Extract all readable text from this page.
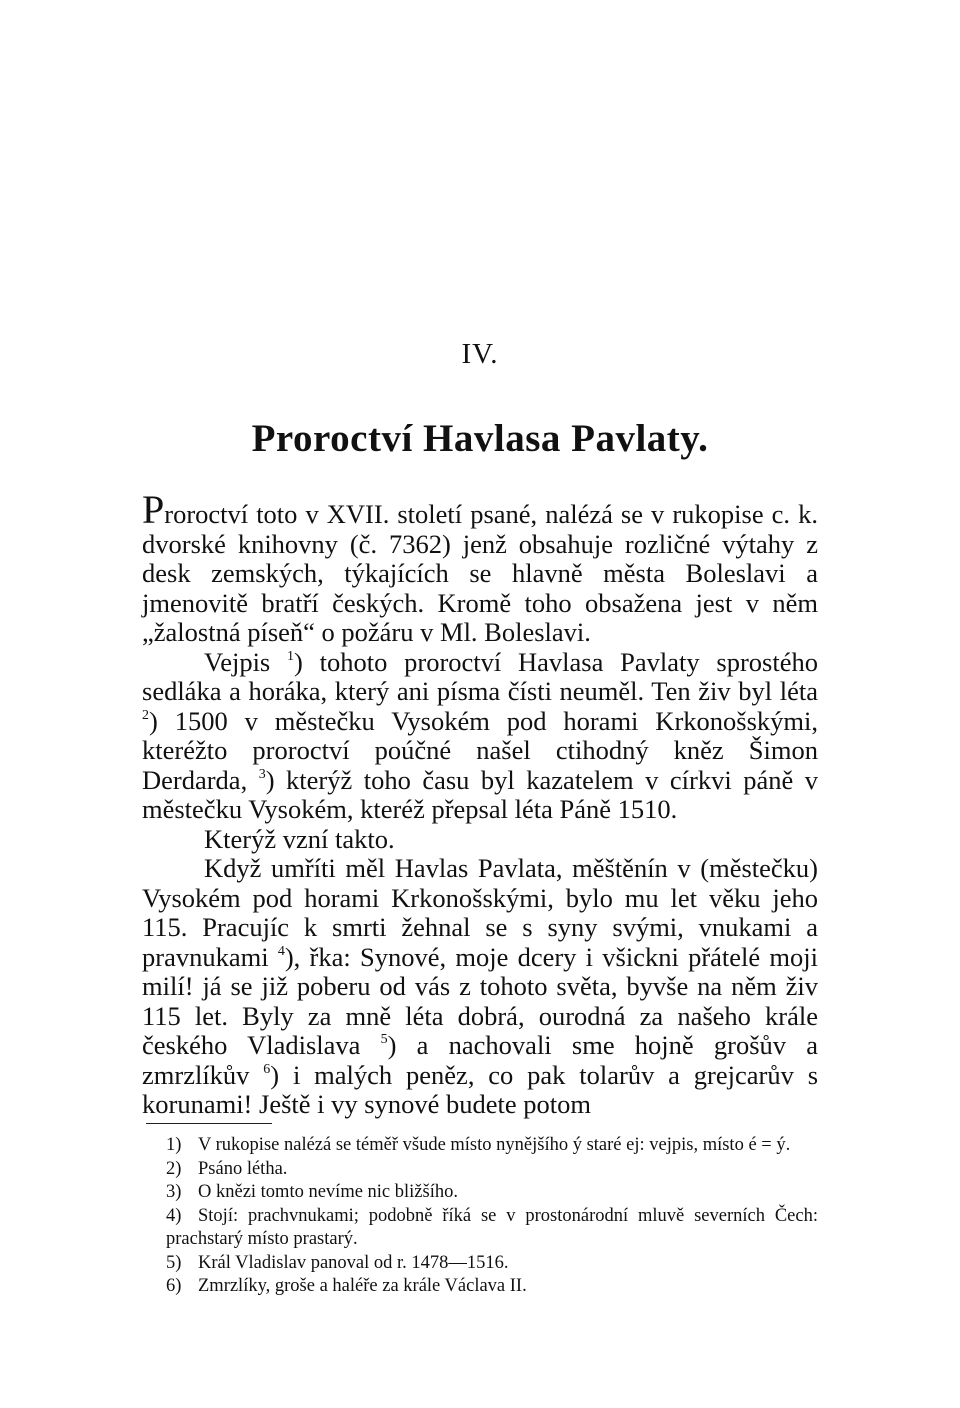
IV.
Proroctví Havlasa Pavlaty.

Proroctví toto v XVII. století psané, nalézá se v rukopise c. k. dvorské knihovny (č. 7362) jenž obsahuje rozličné výtahy z desk zemských, týkajících se hlavně města Boleslavi a jmenovitě bratří českých. Kromě toho obsažena jest v něm „žalostná píseň“ o požáru v Ml. Boleslavi.

Vejpis $^1$) tohoto proroctví Havlasa Pavlaty sprostého sedláka a horáka, který ani písma čísti neuměl. Ten živ byl léta $^2$) 1500 v městečku Vysokém pod horami Krkonošskými, kteréžto proroctví poúčné našel ctihodný kněz Šimon Derdarda, $^3$) kterýž toho času byl kazatelem v církvi páně v městečku Vysokém, kteréž přepsal léta Páně 1510.

Kterýž vzní takto.

Když umříti měl Havlas Pavlata, měštěnín v (městečku) Vysokém pod horami Krkonošskými, bylo mu let věku jeho 115. Pracujíc k smrti žehnal se s syny svými, vnukami a pravnukami $^4$), řka: Synové, moje dcery i všickni přátelé moji milí! já se již poberu od vás z tohoto světa, byvše na něm živ 115 let. Byly za mně léta dobrá, ourodná za našeho krále českého Vladislava $^5$) a nachovali sme hojně grošův a zmrzlíkův $^6$) i malých peněz, co pak tolarův a grejcarův s korunami! Ještě i vy synové budete potom

1) V rukopise nalézá se téměř všude místo nynějšího ý staré ej: vejpis, místo é = ý.

2) Psáno létha.

3) O knězi tomto nevíme nic bližšího.

4) Stojí: prachvnukami; podobně říká se v prostonárodní mluvě severních Čech: prachstarý místo prastarý.

5) Král Vladislav panoval od r. 1478—1516.

6) Zmrzlíky, groše a haléře za krále Václava II.
